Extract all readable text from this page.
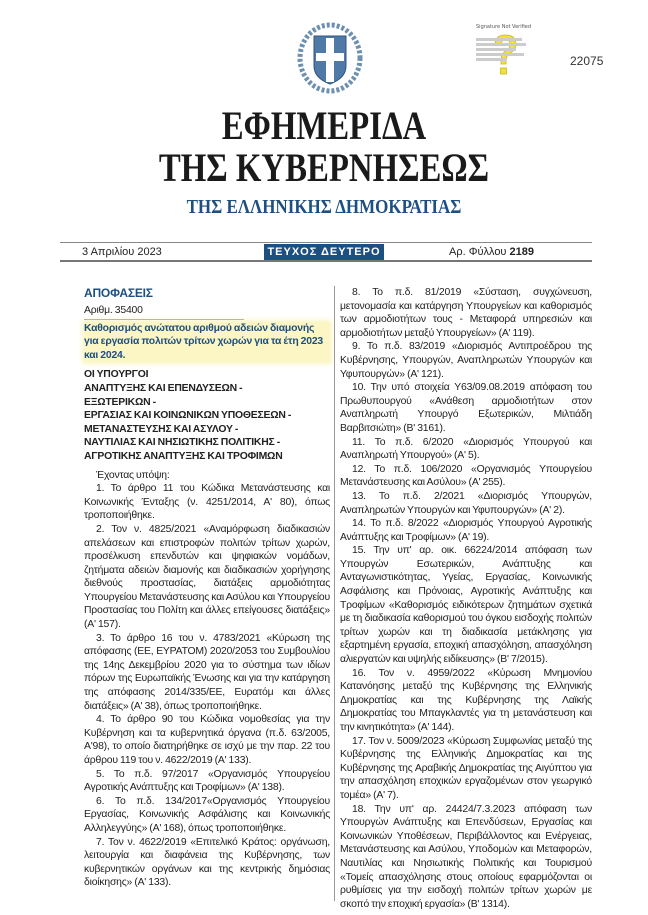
Signature Not Verified
22075
ΕΦΗΜΕΡΙΔΑ
ΤΗΣ ΚΥΒΕΡΝΗΣΕΩΣ
ΤΗΣ ΕΛΛΗΝΙΚΗΣ ΔΗΜΟΚΡΑΤΙΑΣ
3 Απριλίου 2023	ΤΕΥΧΟΣ ΔΕΥΤΕΡΟ	Αρ. Φύλλου 2189
ΑΠΟΦΑΣΕΙΣ
Αριθμ. 35400
Καθορισμός ανώτατου αριθμού αδειών διαμονής για εργασία πολιτών τρίτων χωρών για τα έτη 2023 και 2024.
ΟΙ ΥΠΟΥΡΓΟΙ
ΑΝΑΠΤΥΞΗΣ ΚΑΙ ΕΠΕΝΔΥΣΕΩΝ -
ΕΞΩΤΕΡΙΚΩΝ -
ΕΡΓΑΣΙΑΣ ΚΑΙ ΚΟΙΝΩΝΙΚΩΝ ΥΠΟΘΕΣΕΩΝ -
ΜΕΤΑΝΑΣΤΕΥΣΗΣ ΚΑΙ ΑΣΥΛΟΥ -
ΝΑΥΤΙΛΙΑΣ ΚΑΙ ΝΗΣΙΩΤΙΚΗΣ ΠΟΛΙΤΙΚΗΣ -
ΑΓΡΟΤΙΚΗΣ ΑΝΑΠΤΥΞΗΣ ΚΑΙ ΤΡΟΦΙΜΩΝ

Έχοντας υπόψη:

1. Το άρθρο 11 του Κώδικα Μετανάστευσης και Κοινωνικής Ένταξης (ν. 4251/2014, Α' 80), όπως τροποποιήθηκε.

2. Τον ν. 4825/2021 «Αναμόρφωση διαδικασιών απελάσεων και επιστροφών πολιτών τρίτων χωρών, προσέλκυση επενδυτών και ψηφιακών νομάδων, ζητήματα αδειών διαμονής και διαδικασιών χορήγησης διεθνούς προστασίας, διατάξεις αρμοδιότητας Υπουργείου Μετανάστευσης και Ασύλου και Υπουργείου Προστασίας του Πολίτη και άλλες επείγουσες διατάξεις» (Α' 157).

3. Το άρθρο 16 του ν. 4783/2021 «Κύρωση της απόφασης (ΕΕ, ΕΥΡΑΤΟΜ) 2020/2053 του Συμβουλίου της 14ης Δεκεμβρίου 2020 για το σύστημα των ιδίων πόρων της Ευρωπαϊκής Ένωσης και για την κατάργηση της απόφασης 2014/335/ΕΕ, Ευρατόμ και άλλες διατάξεις» (Α' 38), όπως τροποποιήθηκε.

4. Το άρθρο 90 του Κώδικα νομοθεσίας για την Κυβέρνηση και τα κυβερνητικά όργανα (π.δ. 63/2005, Α'98), το οποίο διατηρήθηκε σε ισχύ με την παρ. 22 του άρθρου 119 του ν. 4622/2019 (Α' 133).

5. Το π.δ. 97/2017 «Οργανισμός Υπουργείου Αγροτικής Ανάπτυξης και Τροφίμων» (Α' 138).

6. Το π.δ. 134/2017«Οργανισμός Υπουργείου Εργασίας, Κοινωνικής Ασφάλισης και Κοινωνικής Αλληλεγγύης» (Α' 168), όπως τροποποιήθηκε.

7. Τον ν. 4622/2019 «Επιτελικό Κράτος: οργάνωση, λειτουργία και διαφάνεια της Κυβέρνησης, των κυβερνητικών οργάνων και της κεντρικής δημόσιας διοίκησης» (Α' 133).

8. Το π.δ. 81/2019 «Σύσταση, συγχώνευση, μετονομασία και κατάργηση Υπουργείων και καθορισμός των αρμοδιοτήτων τους - Μεταφορά υπηρεσιών και αρμοδιοτήτων μεταξύ Υπουργείων» (Α' 119).

9. Το π.δ. 83/2019 «Διορισμός Αντιπροέδρου της Κυβέρνησης, Υπουργών, Αναπληρωτών Υπουργών και Υφυπουργών» (Α' 121).

10. Την υπό στοιχεία Υ63/09.08.2019 απόφαση του Πρωθυπουργού «Ανάθεση αρμοδιοτήτων στον Αναπληρωτή Υπουργό Εξωτερικών, Μιλτιάδη Βαρβιτσιώτη» (Β' 3161).

11. Το π.δ. 6/2020 «Διορισμός Υπουργού και Αναπληρωτή Υπουργού» (Α' 5).

12. Το π.δ. 106/2020 «Οργανισμός Υπουργείου Μετανάστευσης και Ασύλου» (Α' 255).

13. Το π.δ. 2/2021 «Διορισμός Υπουργών, Αναπληρωτών Υπουργών και Υφυπουργών» (Α' 2).

14. Το π.δ. 8/2022 «Διορισμός Υπουργού Αγροτικής Ανάπτυξης και Τροφίμων» (Α' 19).

15. Την υπ' αρ. οικ. 66224/2014 απόφαση των Υπουργών Εσωτερικών, Ανάπτυξης και Ανταγωνιστικότητας, Υγείας, Εργασίας, Κοινωνικής Ασφάλισης και Πρόνοιας, Αγροτικής Ανάπτυξης και Τροφίμων «Καθορισμός ειδικότερων ζητημάτων σχετικά με τη διαδικασία καθορισμού του όγκου εισδοχής πολιτών τρίτων χωρών και τη διαδικασία μετάκλησης για εξαρτημένη εργασία, εποχική απασχόληση, απασχόληση αλιεργατών και υψηλής ειδίκευσης» (Β' 7/2015).

16. Τον ν. 4959/2022 «Κύρωση Μνημονίου Κατανόησης μεταξύ της Κυβέρνησης της Ελληνικής Δημοκρατίας και της Κυβέρνησης της Λαϊκής Δημοκρατίας του Μπαγκλαντές για τη μετανάστευση και την κινητικότητα» (Α' 144).

17. Τον ν. 5009/2023 «Κύρωση Συμφωνίας μεταξύ της Κυβέρνησης της Ελληνικής Δημοκρατίας και της Κυβέρνησης της Αραβικής Δημοκρατίας της Αιγύπτου για την απασχόληση εποχικών εργαζομένων στον γεωργικό τομέα» (Α' 7).

18. Την υπ' αρ. 24424/7.3.2023 απόφαση των Υπουργών Ανάπτυξης και Επενδύσεων, Εργασίας και Κοινωνικών Υποθέσεων, Περιβάλλοντος και Ενέργειας, Μετανάστευσης και Ασύλου, Υποδομών και Μεταφορών, Ναυτιλίας και Νησιωτικής Πολιτικής και Τουρισμού «Τομείς απασχόλησης στους οποίους εφαρμόζονται οι ρυθμίσεις για την εισδοχή πολιτών τρίτων χωρών με σκοπό την εποχική εργασία» (Β' 1314).
